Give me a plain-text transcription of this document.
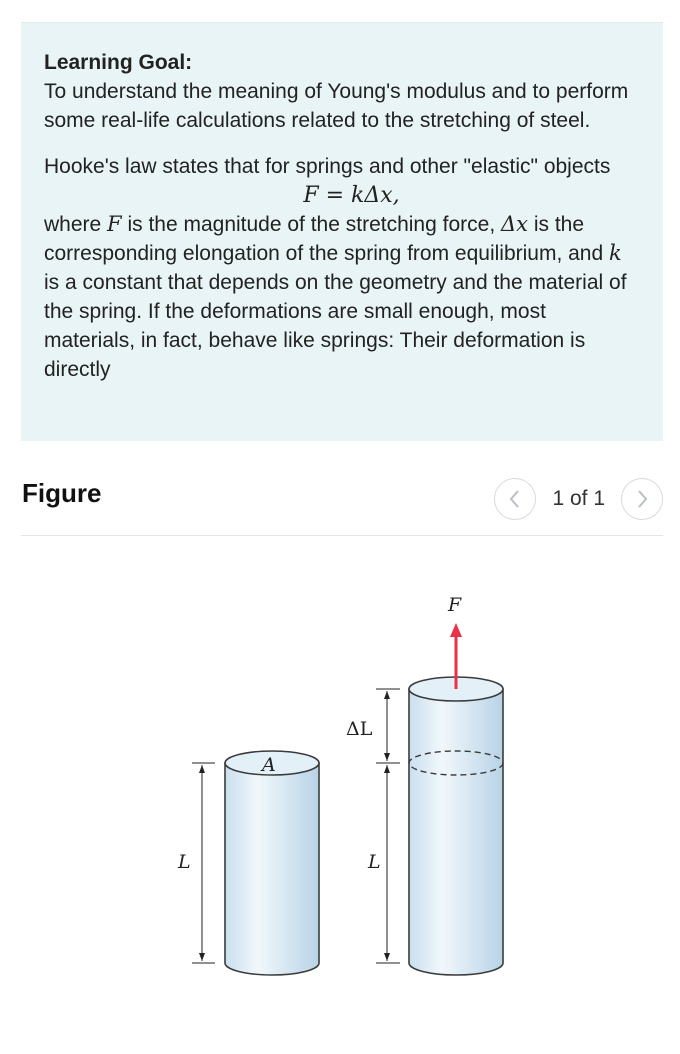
Learning Goal:
To understand the meaning of Young's modulus and to perform some real-life calculations related to the stretching of steel.
Hooke's law states that for springs and other "elastic" objects
F = kΔx,
where F is the magnitude of the stretching force, Δx is the corresponding elongation of the spring from equilibrium, and k is a constant that depends on the geometry and the material of the spring. If the deformations are small enough, most materials, in fact, behave like springs: Their deformation is directly
Figure	1 of 1
A
L
F
ΔL
L
